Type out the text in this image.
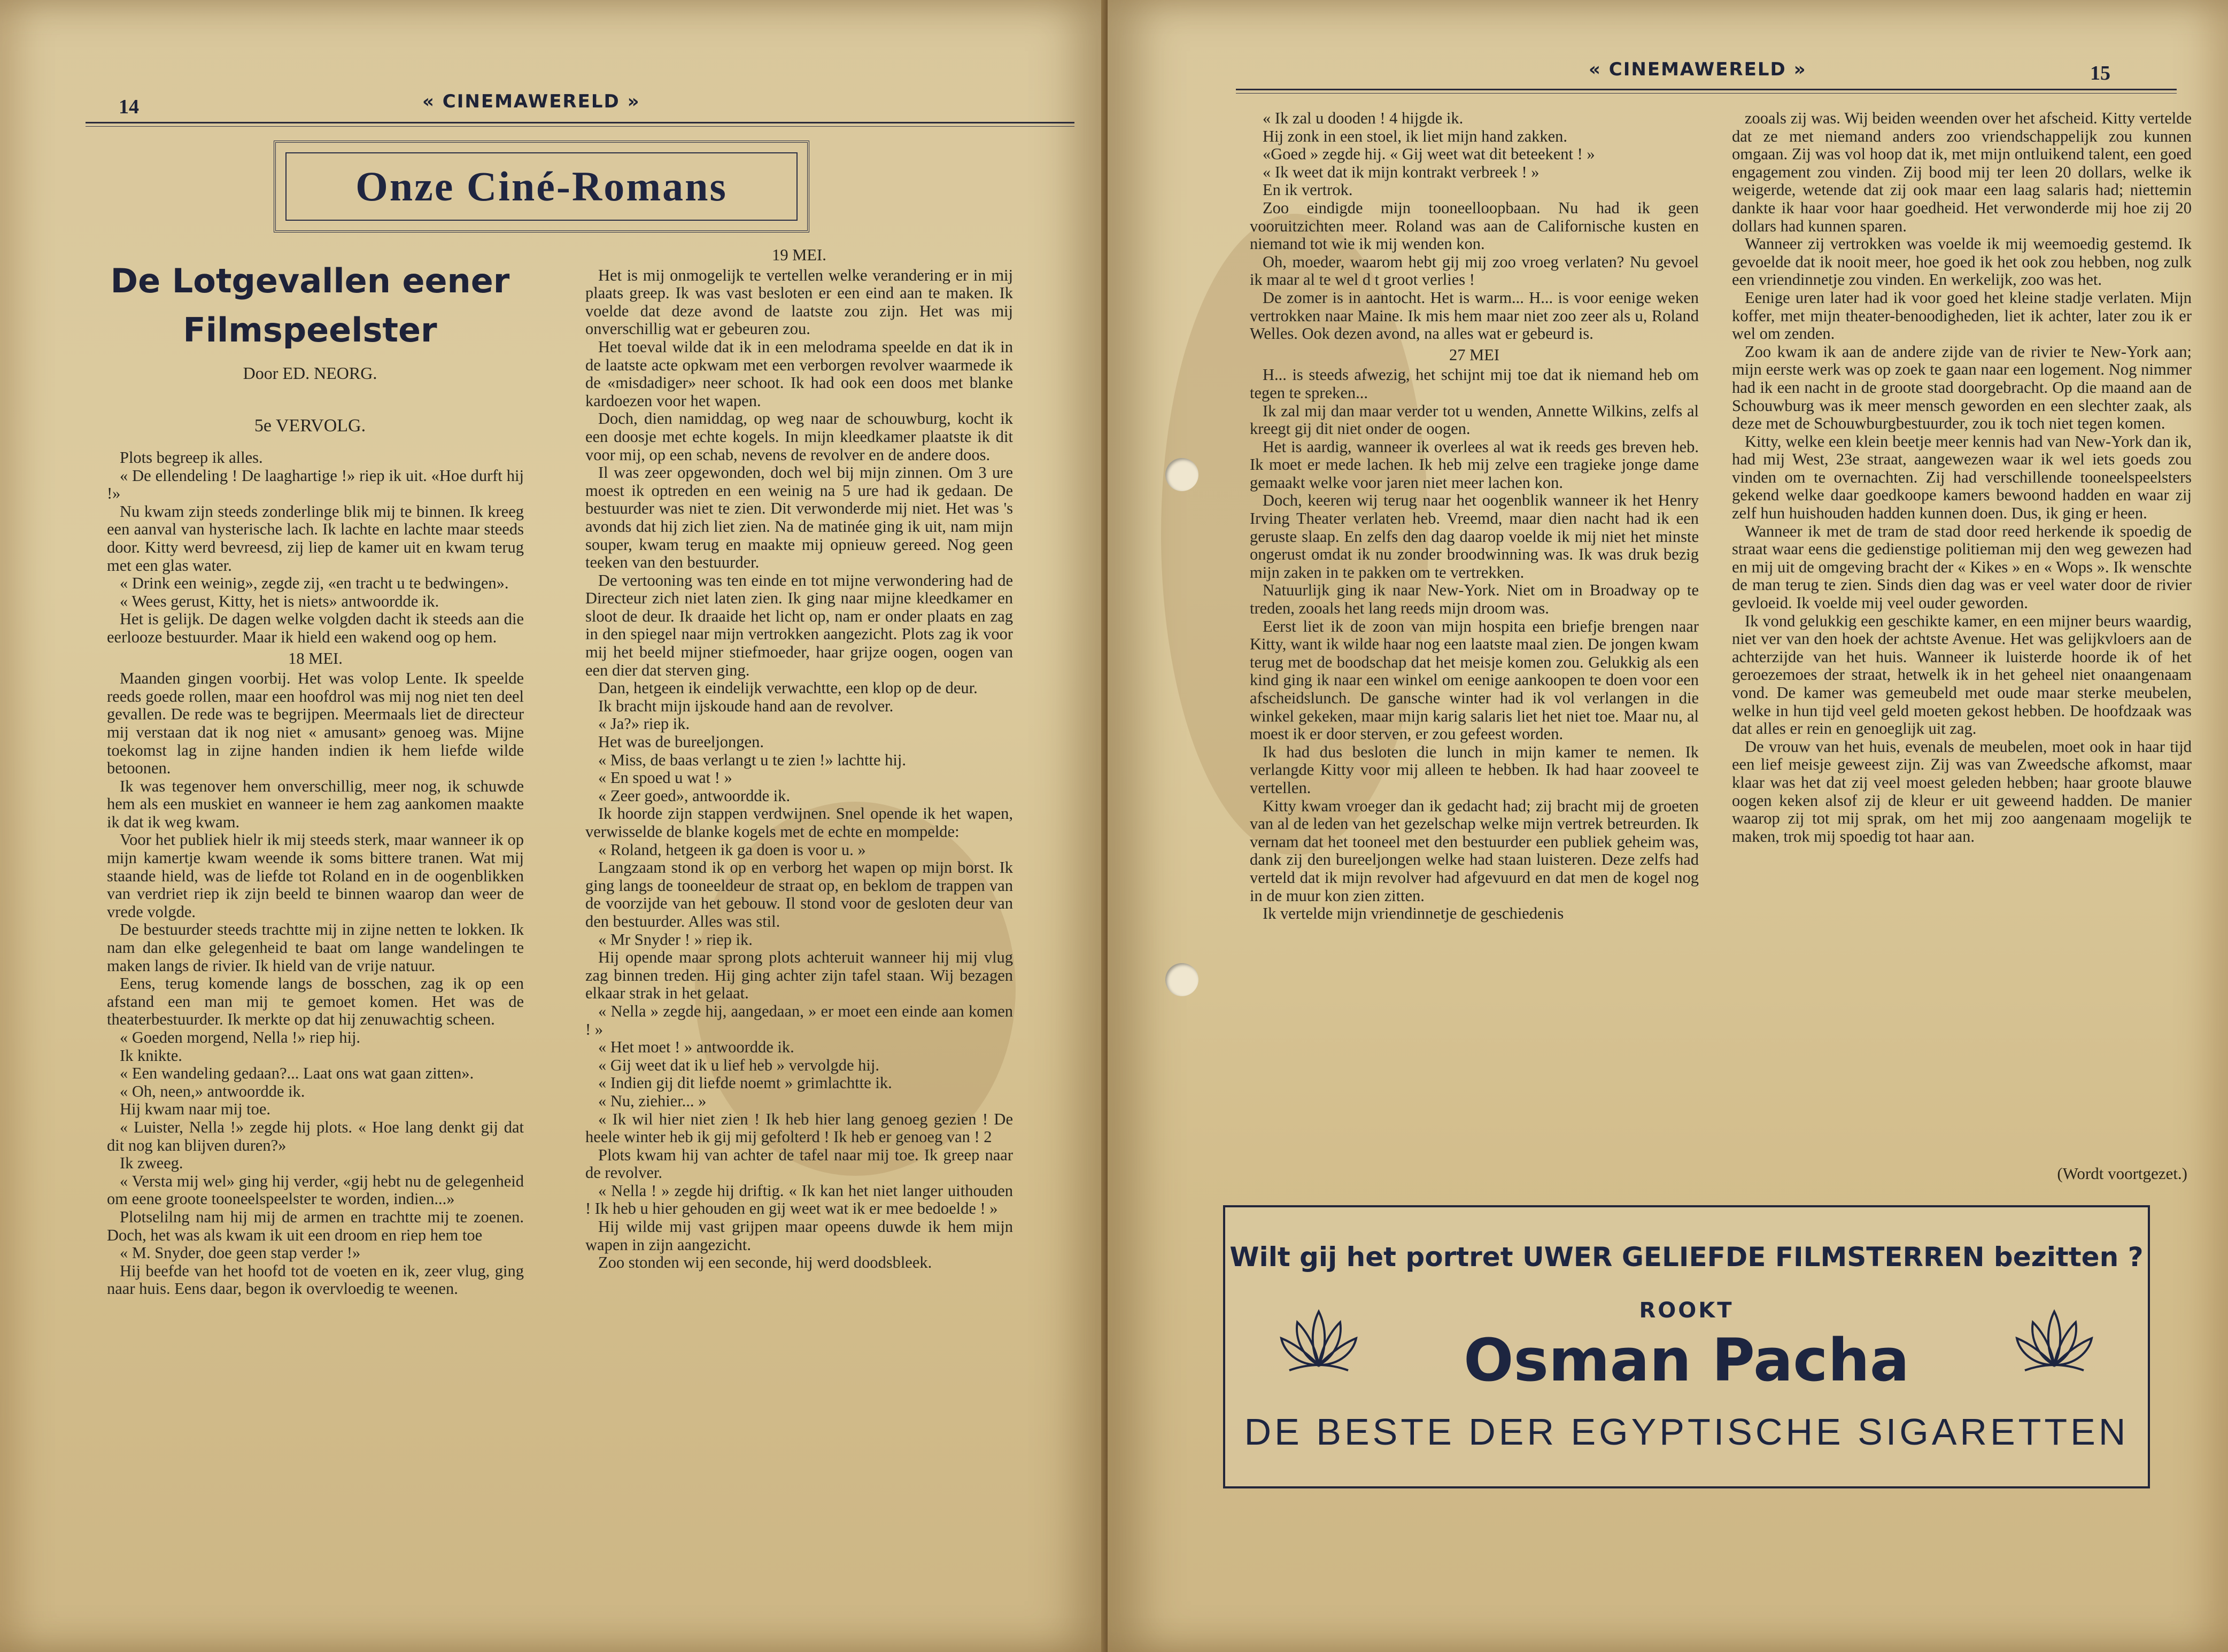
14	« CINEMAWERELD »
Onze Ciné-Romans
De Lotgevallen eener
Filmspeelster
Door ED. NEORG.
5e VERVOLG.

Plots begreep ik alles.

« De ellendeling ! De laaghartige !» riep ik uit. «Hoe durft hij !»

Nu kwam zijn steeds zonderlinge blik mij te binnen. Ik kreeg een aanval van hysterische lach. Ik lachte en lachte maar steeds door. Kitty werd bevreesd, zij liep de kamer uit en kwam terug met een glas water.

« Drink een weinig», zegde zij, «en tracht u te bedwingen».

« Wees gerust, Kitty, het is niets» antwoordde ik.

Het is gelijk. De dagen welke volgden dacht ik steeds aan die eerlooze bestuurder. Maar ik hield een wakend oog op hem.

18 MEI.

Maanden gingen voorbij. Het was volop Lente. Ik speelde reeds goede rollen, maar een hoofdrol was mij nog niet ten deel gevallen. De rede was te begrijpen. Meermaals liet de directeur mij verstaan dat ik nog niet « amusant» genoeg was. Mijne toekomst lag in zijne handen indien ik hem liefde wilde betoonen.

Ik was tegenover hem onverschillig, meer nog, ik schuwde hem als een muskiet en wanneer ie hem zag aankomen maakte ik dat ik weg kwam.

Voor het publiek hielr ik mij steeds sterk, maar wanneer ik op mijn kamertje kwam weende ik soms bittere tranen. Wat mij staande hield, was de liefde tot Roland en in de oogenblikken van verdriet riep ik zijn beeld te binnen waarop dan weer de vrede volgde.

De bestuurder steeds trachtte mij in zijne netten te lokken. Ik nam dan elke gelegenheid te baat om lange wandelingen te maken langs de rivier. Ik hield van de vrije natuur.

Eens, terug komende langs de bosschen, zag ik op een afstand een man mij te gemoet komen. Het was de theaterbestuurder. Ik merkte op dat hij zenuwachtig scheen.

« Goeden morgend, Nella !» riep hij.

Ik knikte.

« Een wandeling gedaan?... Laat ons wat gaan zitten».

« Oh, neen,» antwoordde ik.

Hij kwam naar mij toe.

« Luister, Nella !» zegde hij plots. « Hoe lang denkt gij dat dit nog kan blijven duren?»

Ik zweeg.

« Versta mij wel» ging hij verder, «gij hebt nu de gelegenheid om eene groote tooneelspeelster te worden, indien...»

Plotselilng nam hij mij de armen en trachtte mij te zoenen. Doch, het was als kwam ik uit een droom en riep hem toe

« M. Snyder, doe geen stap verder !»

Hij beefde van het hoofd tot de voeten en ik, zeer vlug, ging naar huis. Eens daar, begon ik overvloedig te weenen.

19 MEI.

Het is mij onmogelijk te vertellen welke verandering er in mij plaats greep. Ik was vast besloten er een eind aan te maken. Ik voelde dat deze avond de laatste zou zijn. Het was mij onverschillig wat er gebeuren zou.

Het toeval wilde dat ik in een melodrama speelde en dat ik in de laatste acte opkwam met een verborgen revolver waarmede ik de «misdadiger» neer schoot. Ik had ook een doos met blanke kardoezen voor het wapen.

Doch, dien namiddag, op weg naar de schouwburg, kocht ik een doosje met echte kogels. In mijn kleedkamer plaatste ik dit voor mij, op een schab, nevens de revolver en de andere doos.

Il was zeer opgewonden, doch wel bij mijn zinnen. Om 3 ure moest ik optreden en een weinig na 5 ure had ik gedaan. De bestuurder was niet te zien. Dit verwonderde mij niet. Het was 's avonds dat hij zich liet zien. Na de matinée ging ik uit, nam mijn souper, kwam terug en maakte mij opnieuw gereed. Nog geen teeken van den bestuurder.

De vertooning was ten einde en tot mijne verwondering had de Directeur zich niet laten zien. Ik ging naar mijne kleedkamer en sloot de deur. Ik draaide het licht op, nam er onder plaats en zag in den spiegel naar mijn vertrokken aangezicht. Plots zag ik voor mij het beeld mijner stiefmoeder, haar grijze oogen, oogen van een dier dat sterven ging.

Dan, hetgeen ik eindelijk verwachtte, een klop op de deur.

Ik bracht mijn ijskoude hand aan de revolver.

« Ja?» riep ik.

Het was de bureeljongen.

« Miss, de baas verlangt u te zien !» lachtte hij.

« En spoed u wat ! »

« Zeer goed», antwoordde ik.

Ik hoorde zijn stappen verdwijnen. Snel opende ik het wapen, verwisselde de blanke kogels met de echte en mompelde:

« Roland, hetgeen ik ga doen is voor u. »

Langzaam stond ik op en verborg het wapen op mijn borst. Ik ging langs de tooneeldeur de straat op, en beklom de trappen van de voorzijde van het gebouw. Il stond voor de gesloten deur van den bestuurder. Alles was stil.

« Mr Snyder ! » riep ik.

Hij opende maar sprong plots achteruit wanneer hij mij vlug zag binnen treden. Hij ging achter zijn tafel staan. Wij bezagen elkaar strak in het gelaat.

« Nella » zegde hij, aangedaan, » er moet een einde aan komen ! »

« Het moet ! » antwoordde ik.

« Gij weet dat ik u lief heb » vervolgde hij.

« Indien gij dit liefde noemt » grimlachtte ik.

« Nu, ziehier... »

« Ik wil hier niet zien ! Ik heb hier lang genoeg gezien ! De heele winter heb ik gij mij gefolterd ! Ik heb er genoeg van ! 2

Plots kwam hij van achter de tafel naar mij toe. Ik greep naar de revolver.

« Nella ! » zegde hij driftig. « Ik kan het niet langer uithouden ! Ik heb u hier gehouden en gij weet wat ik er mee bedoelde ! »

Hij wilde mij vast grijpen maar opeens duwde ik hem mijn wapen in zijn aangezicht.

Zoo stonden wij een seconde, hij werd doodsbleek.

« CINEMAWERELD »	15

« Ik zal u dooden ! 4 hijgde ik.

Hij zonk in een stoel, ik liet mijn hand zakken.

«Goed » zegde hij. « Gij weet wat dit beteekent ! »

« Ik weet dat ik mijn kontrakt verbreek ! »

En ik vertrok.

Zoo eindigde mijn tooneelloopbaan. Nu had ik geen vooruitzichten meer. Roland was aan de Californische kusten en niemand tot wie ik mij wenden kon.

Oh, moeder, waarom hebt gij mij zoo vroeg verlaten? Nu gevoel ik maar al te wel d t groot verlies !

De zomer is in aantocht. Het is warm... H... is voor eenige weken vertrokken naar Maine. Ik mis hem maar niet zoo zeer als u, Roland Welles. Ook dezen avond, na alles wat er gebeurd is.

27 MEI

H... is steeds afwezig, het schijnt mij toe dat ik niemand heb om tegen te spreken...

Ik zal mij dan maar verder tot u wenden, Annette Wilkins, zelfs al kreegt gij dit niet onder de oogen.

Het is aardig, wanneer ik overlees al wat ik reeds ges breven heb. Ik moet er mede lachen. Ik heb mij zelve een tragieke jonge dame gemaakt welke voor jaren niet meer lachen kon.

Doch, keeren wij terug naar het oogenblik wanneer ik het Henry Irving Theater verlaten heb. Vreemd, maar dien nacht had ik een geruste slaap. En zelfs den dag daarop voelde ik mij niet het minste ongerust omdat ik nu zonder broodwinning was. Ik was druk bezig mijn zaken in te pakken om te vertrekken.

Natuurlijk ging ik naar New-York. Niet om in Broadway op te treden, zooals het lang reeds mijn droom was.

Eerst liet ik de zoon van mijn hospita een briefje brengen naar Kitty, want ik wilde haar nog een laatste maal zien. De jongen kwam terug met de boodschap dat het meisje komen zou. Gelukkig als een kind ging ik naar een winkel om eenige aankoopen te doen voor een afscheidslunch. De gansche winter had ik vol verlangen in die winkel gekeken, maar mijn karig salaris liet het niet toe. Maar nu, al moest ik er door sterven, er zou gefeest worden.

Ik had dus besloten die lunch in mijn kamer te nemen. Ik verlangde Kitty voor mij alleen te hebben. Ik had haar zooveel te vertellen.

Kitty kwam vroeger dan ik gedacht had; zij bracht mij de groeten van al de leden van het gezelschap welke mijn vertrek betreurden. Ik vernam dat het tooneel met den bestuurder een publiek geheim was, dank zij den bureeljongen welke had staan luisteren. Deze zelfs had verteld dat ik mijn revolver had afgevuurd en dat men de kogel nog in de muur kon zien zitten.

Ik vertelde mijn vriendinnetje de geschiedenis

zooals zij was. Wij beiden weenden over het afscheid. Kitty vertelde dat ze met niemand anders zoo vriendschappelijk zou kunnen omgaan. Zij was vol hoop dat ik, met mijn ontluikend talent, een goed engagement zou vinden. Zij bood mij ter leen 20 dollars, welke ik weigerde, wetende dat zij ook maar een laag salaris had; niettemin dankte ik haar voor haar goedheid. Het verwonderde mij hoe zij 20 dollars had kunnen sparen.

Wanneer zij vertrokken was voelde ik mij weemoedig gestemd. Ik gevoelde dat ik nooit meer, hoe goed ik het ook zou hebben, nog zulk een vriendinnetje zou vinden. En werkelijk, zoo was het.

Eenige uren later had ik voor goed het kleine stadje verlaten. Mijn koffer, met mijn theater-benoodigheden, liet ik achter, later zou ik er wel om zenden.

Zoo kwam ik aan de andere zijde van de rivier te New-York aan; mijn eerste werk was op zoek te gaan naar een logement. Nog nimmer had ik een nacht in de groote stad doorgebracht. Op die maand aan de Schouwburg was ik meer mensch geworden en een slechter zaak, als deze met de Schouwburgbestuurder, zou ik toch niet tegen komen.

Kitty, welke een klein beetje meer kennis had van New-York dan ik, had mij West, 23e straat, aangewezen waar ik wel iets goeds zou vinden om te overnachten. Zij had verschillende tooneelspeelsters gekend welke daar goedkoope kamers bewoond hadden en waar zij zelf hun huishouden hadden kunnen doen. Dus, ik ging er heen.

Wanneer ik met de tram de stad door reed herkende ik spoedig de straat waar eens die gedienstige politieman mij den weg gewezen had en mij uit de omgeving bracht der « Kikes » en « Wops ». Ik wenschte de man terug te zien. Sinds dien dag was er veel water door de rivier gevloeid. Ik voelde mij veel ouder geworden.

Ik vond gelukkig een geschikte kamer, en een mijner beurs waardig, niet ver van den hoek der achtste Avenue. Het was gelijkvloers aan de achterzijde van het huis. Wanneer ik luisterde hoorde ik of het geroezemoes der straat, hetwelk ik in het geheel niet onaangenaam vond. De kamer was gemeubeld met oude maar sterke meubelen, welke in hun tijd veel geld moeten gekost hebben. De hoofdzaak was dat alles er rein en genoeglijk uit zag.

De vrouw van het huis, evenals de meubelen, moet ook in haar tijd een lief meisje geweest zijn. Zij was van Zweedsche afkomst, maar klaar was het dat zij veel moest geleden hebben; haar groote blauwe oogen keken alsof zij de kleur er uit geweend hadden. De manier waarop zij tot mij sprak, om het mij zoo aangenaam mogelijk te maken, trok mij spoedig tot haar aan.

(Wordt voortgezet.)
Wilt gij het portret UWER GELIEFDE FILMSTERREN bezitten ?
ROOKT
Osman Pacha
DE BESTE DER EGYPTISCHE SIGARETTEN
